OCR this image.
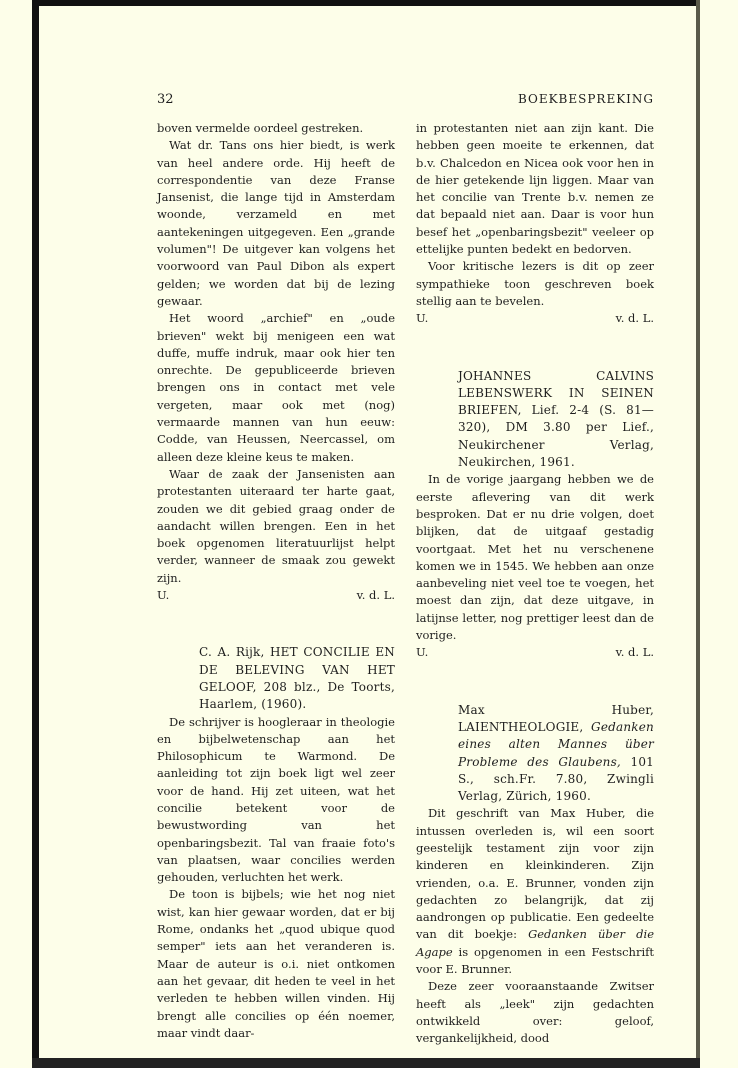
32	BOEKBESPREKING

boven vermelde oordeel gestreken.

Wat dr. Tans ons hier biedt, is werk van heel andere orde. Hij heeft de correspondentie van deze Franse Jansenist, die lange tijd in Amsterdam woonde, verzameld en met aantekeningen uitgegeven. Een „grande volumen"! De uitgever kan volgens het voorwoord van Paul Dibon als expert gelden; we worden dat bij de lezing gewaar.

Het woord „archief" en „oude brieven" wekt bij menigeen een wat duffe, muffe indruk, maar ook hier ten onrechte. De gepubliceerde brieven brengen ons in contact met vele vergeten, maar ook met (nog) vermaarde mannen van hun eeuw: Codde, van Heussen, Neercassel, om alleen deze kleine keus te maken.

Waar de zaak der Jansenisten aan protestanten uiteraard ter harte gaat, zouden we dit gebied graag onder de aandacht willen brengen. Een in het boek opgenomen literatuurlijst helpt verder, wanneer de smaak zou gewekt zijn.

U.	v. d. L.
C. A. Rijk, HET CONCILIE EN DE BELEVING VAN HET GELOOF, 208 blz., De Toorts, Haarlem, (1960).

De schrijver is hoogleraar in theologie en bijbelwetenschap aan het Philosophicum te Warmond. De aanleiding tot zijn boek ligt wel zeer voor de hand. Hij zet uiteen, wat het concilie betekent voor de bewustwording van het openbaringsbezit. Tal van fraaie foto's van plaatsen, waar concilies werden gehouden, verluchten het werk.

De toon is bijbels; wie het nog niet wist, kan hier gewaar worden, dat er bij Rome, ondanks het „quod ubique quod semper" iets aan het veranderen is. Maar de auteur is o.i. niet ontkomen aan het gevaar, dit heden te veel in het verleden te hebben willen vinden. Hij brengt alle concilies op één noemer, maar vindt daar-

in protestanten niet aan zijn kant. Die hebben geen moeite te erkennen, dat b.v. Chalcedon en Nicea ook voor hen in de hier getekende lijn liggen. Maar van het concilie van Trente b.v. nemen ze dat bepaald niet aan. Daar is voor hun besef het „openbaringsbezit" veeleer op ettelijke punten bedekt en bedorven.

Voor kritische lezers is dit op zeer sympathieke toon geschreven boek stellig aan te bevelen.

U.	v. d. L.
JOHANNES CALVINS LEBENSWERK IN SEINEN BRIEFEN, Lief. 2-4 (S. 81—320), DM 3.80 per Lief., Neukirchener Verlag, Neukirchen, 1961.

In de vorige jaargang hebben we de eerste aflevering van dit werk besproken. Dat er nu drie volgen, doet blijken, dat de uitgaaf gestadig voortgaat. Met het nu verschenene komen we in 1545. We hebben aan onze aanbeveling niet veel toe te voegen, het moest dan zijn, dat deze uitgave, in latijnse letter, nog prettiger leest dan de vorige.

U.	v. d. L.
Max Huber, LAIENTHEOLOGIE, Gedanken eines alten Mannes über Probleme des Glaubens, 101 S., sch.Fr. 7.80, Zwingli Verlag, Zürich, 1960.

Dit geschrift van Max Huber, die intussen overleden is, wil een soort geestelijk testament zijn voor zijn kinderen en kleinkinderen. Zijn vrienden, o.a. E. Brunner, vonden zijn gedachten zo belangrijk, dat zij aandrongen op publicatie. Een gedeelte van dit boekje: Gedanken über die Agape is opgenomen in een Festschrift voor E. Brunner.

Deze zeer vooraanstaande Zwitser heeft als „leek" zijn gedachten ontwikkeld over: geloof, vergankelijkheid, dood
